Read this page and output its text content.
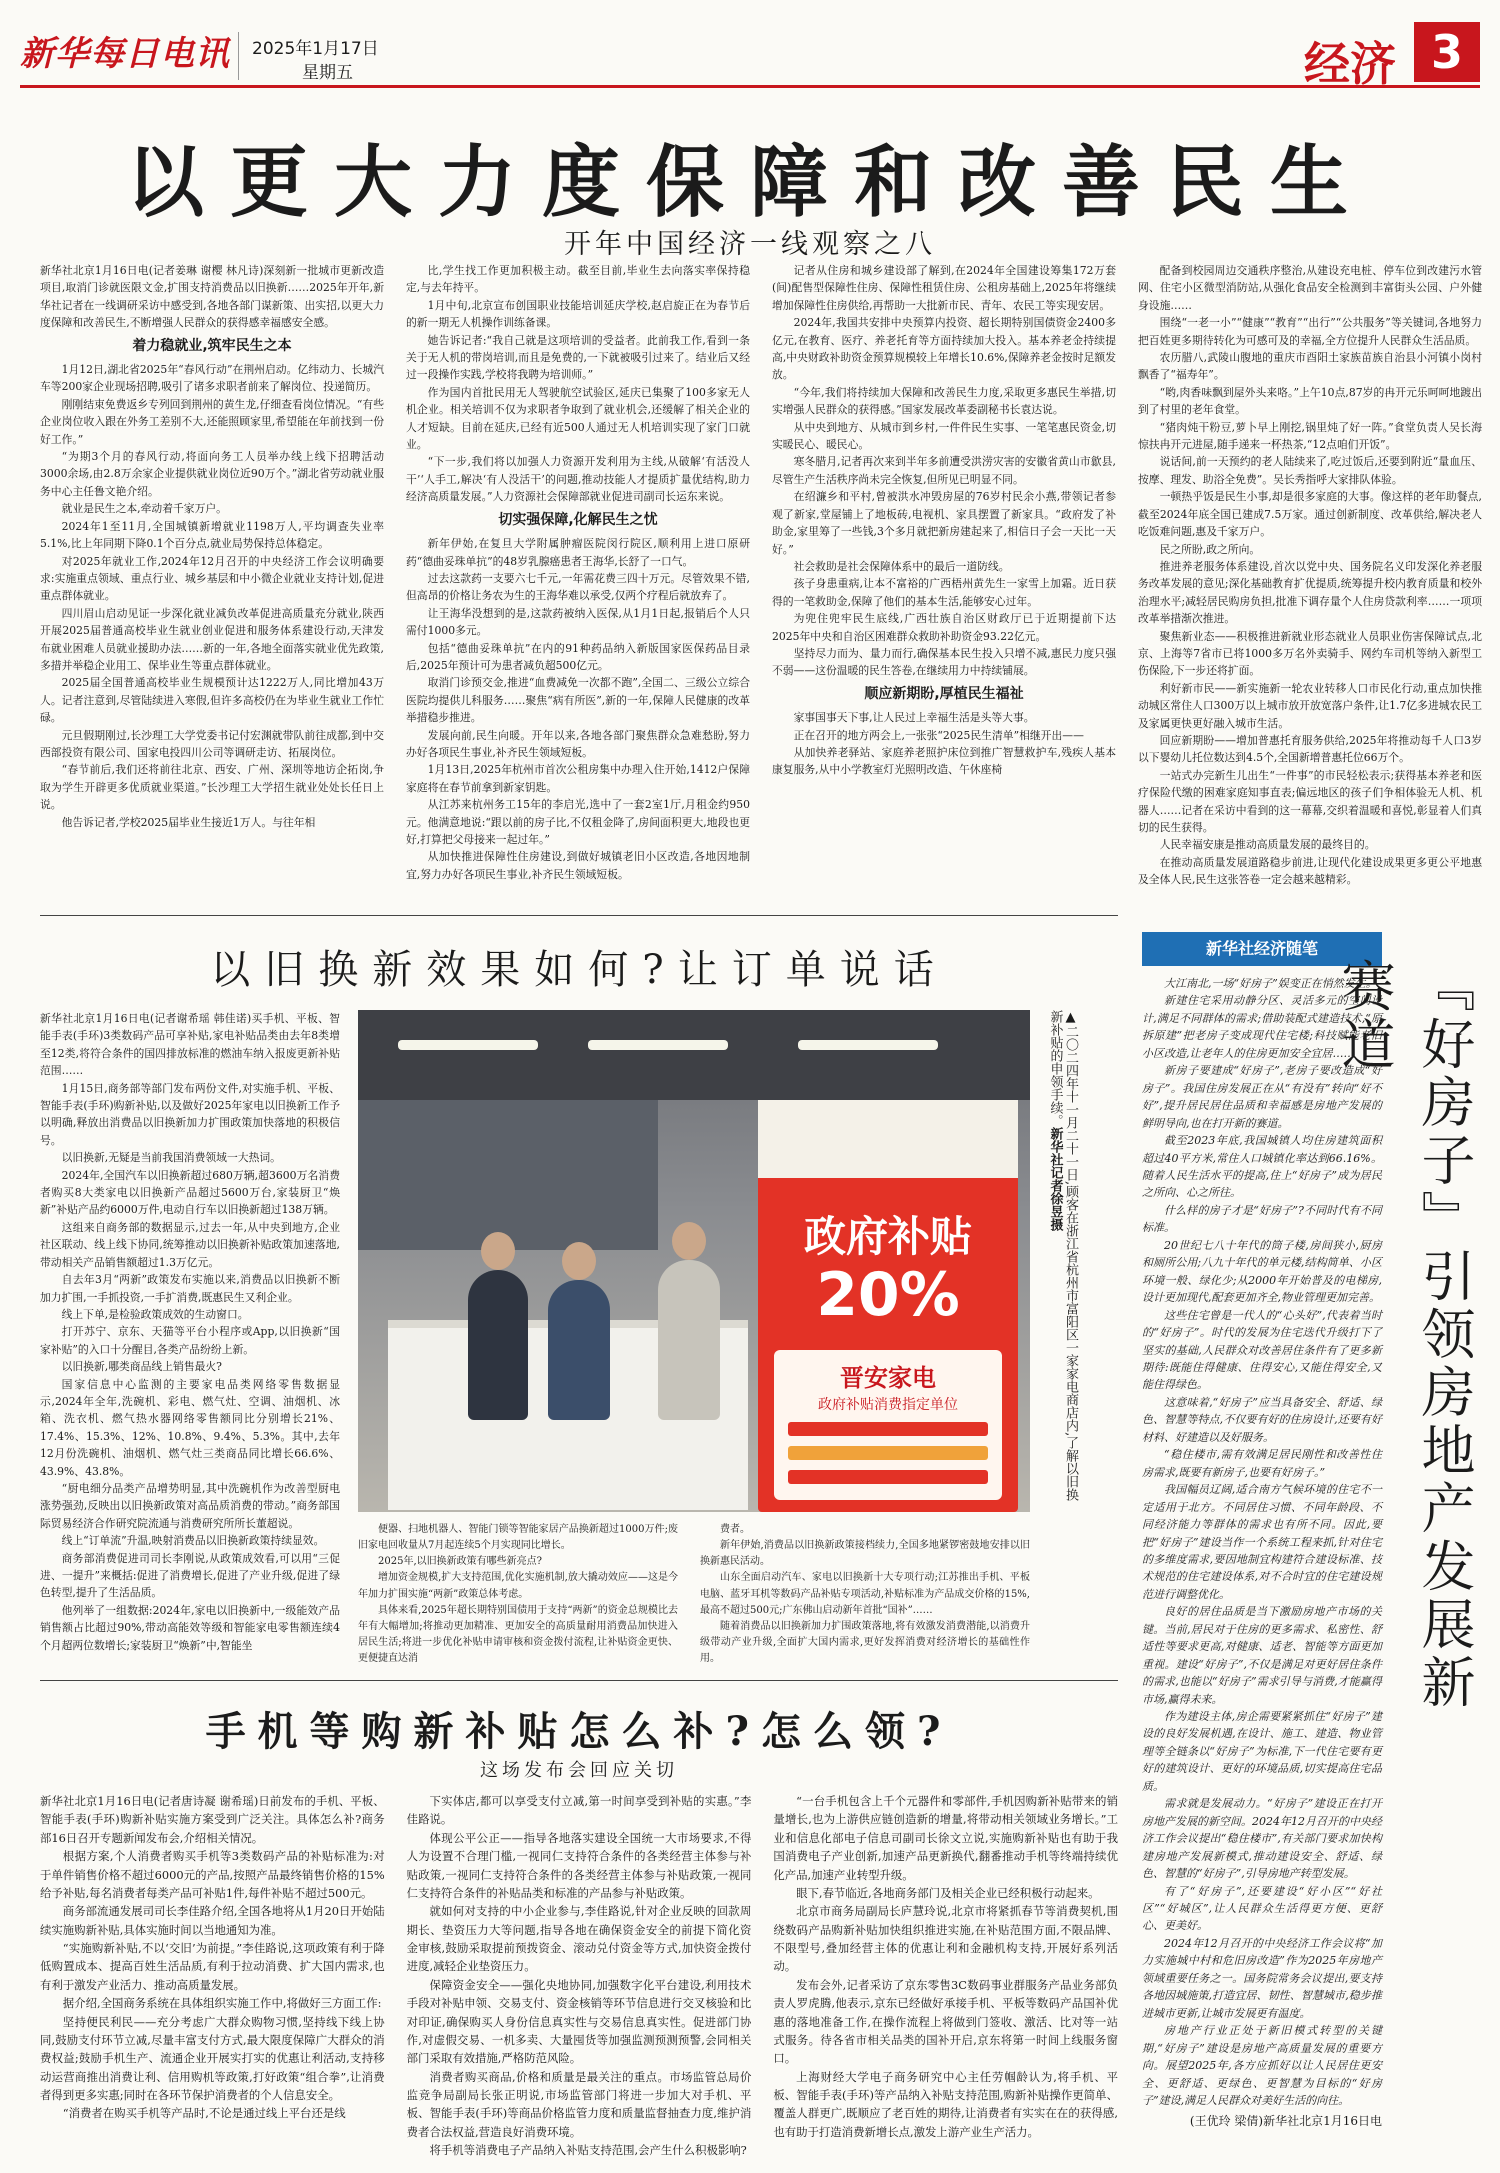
新华每日电讯 2025年1月17日
星期五	经济 3
以更大力度保障和改善民生
开年中国经济一线观察之八

新华社北京1月16日电(记者姜琳 谢樱 林凡诗)深刻新一批城市更新改造项目,取消门诊就医限文金,扩围支持消费品以旧换新……2025年开年,新华社记者在一线调研采访中感受到,各地各部门谋新策、出实招,以更大力度保障和改善民生,不断增强人民群众的获得感幸福感安全感。

着力稳就业,筑牢民生之本

1月12日,湖北省2025年“春风行动”在荆州启动。亿纬动力、长城汽车等200家企业现场招聘,吸引了诸多求职者前来了解岗位、投递简历。

刚刚结束免费返乡专列回到荆州的黄生龙,仔细查看岗位情况。“有些企业岗位收入跟在外务工差别不大,还能照顾家里,希望能在年前找到一份好工作。”

“为期3个月的春风行动,将面向务工人员举办线上线下招聘活动3000余场,由2.8万余家企业提供就业岗位近90万个。”湖北省劳动就业服务中心主任鲁文艳介绍。

就业是民生之本,牵动着千家万户。

2024年1至11月,全国城镇新增就业1198万人,平均调查失业率5.1%,比上年同期下降0.1个百分点,就业局势保持总体稳定。

对2025年就业工作,2024年12月召开的中央经济工作会议明确要求:实施重点领域、重点行业、城乡基层和中小微企业就业支持计划,促进重点群体就业。

四川眉山启动见证一步深化就业减负改革促进高质量充分就业,陕西开展2025届普通高校毕业生就业创业促进和服务体系建设行动,天津发布就业困难人员就业援助办法……新的一年,各地全面落实就业优先政策,多措并举稳企业用工、保毕业生等重点群体就业。

2025届全国普通高校毕业生规模预计达1222万人,同比增加43万人。记者注意到,尽管陆续进入寒假,但许多高校仍在为毕业生就业工作忙碌。

元旦假期刚过,长沙理工大学党委书记付宏渊就带队前往成都,到中交西部投资有限公司、国家电投四川公司等调研走访、拓展岗位。

“春节前后,我们还将前往北京、西安、广州、深圳等地访企拓岗,争取为学生开辟更多优质就业渠道。”长沙理工大学招生就业处处长任日上说。

他告诉记者,学校2025届毕业生接近1万人。与往年相

比,学生找工作更加积极主动。截至目前,毕业生去向落实率保持稳定,与去年持平。

1月中旬,北京宣布创国职业技能培训延庆学校,赵启旋正在为春节后的新一期无人机操作训练备课。

她告诉记者:“我自己就是这项培训的受益者。此前我工作,看到一条关于无人机的带岗培训,而且是免费的,一下就被吸引过来了。结业后又经过一段操作实践,学校将我聘为培训师。”

作为国内首批民用无人驾驶航空试验区,延庆已集聚了100多家无人机企业。相关培训不仅为求职者争取到了就业机会,还缓解了相关企业的人才短缺。目前在延庆,已经有近500人通过无人机培训实现了家门口就业。

“下一步,我们将以加强人力资源开发利用为主线,从破解‘有活没人干’‘人手工,解决‘有人没活干’的问题,推动技能人才提质扩量优结构,助力经济高质量发展。”人力资源社会保障部就业促进司副司长运东来说。

切实强保障,化解民生之忧

新年伊始,在复旦大学附属肿瘤医院闵行院区,顺利用上进口原研药“德曲妥珠单抗”的48岁乳腺癌患者王海华,长舒了一口气。

过去这款药一支要六七千元,一年需花费三四十万元。尽管效果不错,但高昂的价格让务农为生的王海华难以承受,仅两个疗程后就放弃了。

让王海华没想到的是,这款药被纳入医保,从1月1日起,报销后个人只需付1000多元。

包括“德曲妥珠单抗”在内的91种药品纳入新版国家医保药品目录后,2025年预计可为患者减负超500亿元。

取消门诊预交金,推进“血费减免一次都不跑”,全国二、三级公立综合医院均提供儿科服务……聚焦“病有所医”,新的一年,保障人民健康的改革举措稳步推进。

发展向前,民生向暖。开年以来,各地各部门聚焦群众急难愁盼,努力办好各项民生事业,补齐民生领域短板。

1月13日,2025年杭州市首次公租房集中办理入住开始,1412户保障家庭将在春节前拿到新家钥匙。

从江苏来杭州务工15年的李启光,选中了一套2室1厅,月租金约950元。他满意地说:“跟以前的房子比,不仅租金降了,房间面积更大,地段也更好,打算把父母接来一起过年。”

从加快推进保障性住房建设,到做好城镇老旧小区改造,各地因地制宜,努力办好各项民生事业,补齐民生领域短板。

记者从住房和城乡建设部了解到,在2024年全国建设筹集172万套(间)配售型保障性住房、保障性租赁住房、公租房基础上,2025年将继续增加保障性住房供给,再帮助一大批新市民、青年、农民工等实现安居。

2024年,我国共安排中央预算内投资、超长期特别国债资金2400多亿元,在教育、医疗、养老托育等方面持续加大投入。基本养老金持续提高,中央财政补助资金预算规模较上年增长10.6%,保障养老金按时足额发放。

“今年,我们将持续加大保障和改善民生力度,采取更多惠民生举措,切实增强人民群众的获得感。”国家发展改革委副秘书长袁达说。

从中央到地方、从城市到乡村,一件件民生实事、一笔笔惠民资金,切实暖民心、暖民心。

寒冬腊月,记者再次来到半年多前遭受洪涝灾害的安徽省黄山市歙县,尽管生产生活秩序尚未完全恢复,但所见已明显不同。

在绍濂乡和平村,曾被洪水冲毁房屋的76岁村民余小燕,带领记者参观了新家,堂屋铺上了地板砖,电视机、家具摆置了新家具。“政府发了补助金,家里筹了一些钱,3个多月就把新房建起来了,相信日子会一天比一天好。”

社会救助是社会保障体系中的最后一道防线。

孩子身患重病,让本不富裕的广西梧州黄先生一家雪上加霜。近日获得的一笔救助金,保障了他们的基本生活,能够安心过年。

为兜住兜牢民生底线,广西壮族自治区财政厅已于近期提前下达2025年中央和自治区困难群众救助补助资金93.22亿元。

坚持尽力而为、量力而行,确保基本民生投入只增不减,惠民力度只强不弱——这份温暖的民生答卷,在继续用力中持续铺展。

顺应新期盼,厚植民生福祉

家事国事天下事,让人民过上幸福生活是头等大事。

正在召开的地方两会上,一张张“2025民生清单”相继开出——

从加快养老驿站、家庭养老照护床位到推广智慧救护车,残疾人基本康复服务,从中小学教室灯光照明改造、午休座椅

配备到校园周边交通秩序整治,从建设充电桩、停车位到改建污水管网、住宅小区微型消防站,从强化食品安全检测到丰富街头公园、户外健身设施……

围绕“一老一小”“健康”“教育”“出行”“公共服务”等关键词,各地努力把百姓更多期待转化为可感可及的幸福,全方位提升人民群众生活品质。

农历腊八,武陵山腹地的重庆市酉阳土家族苗族自治县小河镇小岗村飘香了“福寿年”。

“哟,肉香味飘到屋外头来咯。”上午10点,87岁的冉开元乐呵呵地踱出到了村里的老年食堂。

“猪肉炖干粉豆,萝卜早上刚挖,锅里炖了好一阵。”食堂负责人吴长海惊扶冉开元进屋,随手递来一杯热茶,“12点咱们开饭”。

说话间,前一天预约的老人陆续来了,吃过饭后,还要到附近“量血压、按摩、理发、助浴全免费”。吴长秀指呼大家排队体验。

一顿热乎饭是民生小事,却是很多家庭的大事。像这样的老年助餐点,截至2024年底全国已建成7.5万家。通过创新制度、改革供给,解决老人吃饭难问题,惠及千家万户。

民之所盼,政之所向。

推进养老服务体系建设,首次以党中央、国务院名义印发深化养老服务改革发展的意见;深化基础教育扩优提质,统筹提升校内教育质量和校外治理水平;减轻居民购房负担,批准下调存量个人住房贷款利率……一项项改革举措渐次推进。

聚焦新业态——积极推进新就业形态就业人员职业伤害保障试点,北京、上海等7省市已将1000多万名外卖骑手、网约车司机等纳入新型工伤保险,下一步还将扩面。

利好新市民——新实施新一轮农业转移人口市民化行动,重点加快推动城区常住人口300万以上城市放开放宽落户条件,让1.7亿多进城农民工及家属更快更好融入城市生活。

回应新期盼——增加普惠托育服务供给,2025年将推动每千人口3岁以下婴幼儿托位数达到4.5个,全国新增普惠托位66万个。

一站式办完新生儿出生“一件事”的市民轻松表示;获得基本养老和医疗保险代缴的困难家庭知事直表;偏远地区的孩子们争相体验无人机、机器人……记者在采访中看到的这一幕幕,交织着温暖和喜悦,彰显着人们真切的民生获得。

人民幸福安康是推动高质量发展的最终目的。

在推动高质量发展道路稳步前进,让现代化建设成果更多更公平地惠及全体人民,民生这张答卷一定会越来越精彩。

以旧换新效果如何?让订单说话

新华社北京1月16日电(记者谢希瑶 韩佳诺)买手机、平板、智能手表(手环)3类数码产品可享补贴,家电补贴品类由去年8类增至12类,将符合条件的国四排放标准的燃油车纳入报废更新补贴范围……

1月15日,商务部等部门发布两份文件,对实施手机、平板、智能手表(手环)购新补贴,以及做好2025年家电以旧换新工作予以明确,释放出消费品以旧换新加力扩围政策加快落地的积极信号。

以旧换新,无疑是当前我国消费领域一大热词。

2024年,全国汽车以旧换新超过680万辆,超3600万名消费者购买8大类家电以旧换新产品超过5600万台,家装厨卫“焕新”补贴产品约6000万件,电动自行车以旧换新超过138万辆。

这组来自商务部的数据显示,过去一年,从中央到地方,企业社区联动、线上线下协同,统筹推动以旧换新补贴政策加速落地,带动相关产品销售额超过1.3万亿元。

自去年3月“两新”政策发布实施以来,消费品以旧换新不断加力扩围,一手抓投资,一手扩消费,既惠民生又利企业。

线上下单,是检验政策成效的生动窗口。

打开苏宁、京东、天猫等平台小程序或App,以旧换新“国家补贴”的入口十分醒目,各类产品纷纷上新。

以旧换新,哪类商品线上销售最火?

国家信息中心监测的主要家电品类网络零售数据显示,2024年全年,洗碗机、彩电、燃气灶、空调、油烟机、冰箱、洗衣机、燃气热水器网络零售额同比分别增长21%、17.4%、15.3%、12%、10.8%、9.4%、5.3%。其中,去年12月份洗碗机、油烟机、燃气灶三类商品同比增长66.6%、43.9%、43.8%。

“厨电细分品类产品增势明显,其中洗碗机作为改善型厨电涨势强劲,反映出以旧换新政策对高品质消费的带动。”商务部国际贸易经济合作研究院流通与消费研究所所长董超说。

线上“订单流”升温,映射消费品以旧换新政策持续显效。

商务部消费促进司司长李刚说,从政策成效看,可以用“三促进、一提升”来概括:促进了消费增长,促进了产业升级,促进了绿色转型,提升了生活品质。

他列举了一组数据:2024年,家电以旧换新中,一级能效产品销售额占比超过90%,带动高能效等级和智能家电零售额连续4个月超两位数增长;家装厨卫“焕新”中,智能坐

政府补贴
20%
晋安家电
政府补贴消费指定单位	▲二〇二四年十一月二十一日,顾客在浙江省杭州市富阳区一家家电商店内,了解以旧换新补贴的申领手续。新华社记者徐昱摄

便器、扫地机器人、智能门锁等智能家居产品换新超过1000万件;废旧家电回收量从7月起连续5个月实现同比增长。

2025年,以旧换新政策有哪些新亮点?

增加资金规模,扩大支持范围,优化实施机制,放大撬动效应——这是今年加力扩围实施“两新”政策总体考虑。

具体来看,2025年超长期特别国债用于支持“两新”的资金总规模比去年有大幅增加;将推动更加精准、更加安全的高质量耐用消费品加快进入居民生活;将进一步优化补贴申请审核和资金拨付流程,让补贴资金更快、更便捷直达消

费者。

新年伊始,消费品以旧换新政策接档续力,全国多地紧锣密鼓地安排以旧换新惠民活动。

山东全面启动汽车、家电以旧换新十大专项行动;江苏推出手机、平板电脑、蓝牙耳机等数码产品补贴专项活动,补贴标准为产品成交价格的15%,最高不超过500元;广东佛山启动新年首批“国补”……

随着消费品以旧换新加力扩围政策落地,将有效激发消费潜能,以消费升级带动产业升级,全面扩大国内需求,更好发挥消费对经济增长的基础性作用。

手机等购新补贴怎么补?怎么领?
这场发布会回应关切

新华社北京1月16日电(记者唐诗凝 谢希瑶)日前发布的手机、平板、智能手表(手环)购新补贴实施方案受到广泛关注。具体怎么补?商务部16日召开专题新闻发布会,介绍相关情况。

根据方案,个人消费者购买手机等3类数码产品的补贴标准为:对于单件销售价格不超过6000元的产品,按照产品最终销售价格的15%给予补贴,每名消费者每类产品可补贴1件,每件补贴不超过500元。

商务部流通发展司司长李佳路介绍,全国各地将从1月20日开始陆续实施购新补贴,具体实施时间以当地通知为准。

“实施购新补贴,不以‘交旧’为前提。”李佳路说,这项政策有利于降低购置成本、提高百姓生活品质,有利于拉动消费、扩大国内需求,也有利于激发产业活力、推动高质量发展。

据介绍,全国商务系统在具体组织实施工作中,将做好三方面工作:

坚持便民利民——充分考虑广大群众购物习惯,坚持线下线上协同,鼓励支付环节立减,尽量丰富支付方式,最大限度保障广大群众的消费权益;鼓励手机生产、流通企业开展实打实的优惠让利活动,支持移动运营商推出消费让利、信用购机等政策,打好政策“组合拳”,让消费者得到更多实惠;同时在各环节保护消费者的个人信息安全。

“消费者在购买手机等产品时,不论是通过线上平台还是线

下实体店,都可以享受支付立减,第一时间享受到补贴的实惠。”李佳路说。

体现公平公正——指导各地落实建设全国统一大市场要求,不得人为设置不合理门槛,一视同仁支持符合条件的各类经营主体参与补贴政策,一视同仁支持符合条件的各类经营主体参与补贴政策,一视同仁支持符合条件的补贴品类和标准的产品参与补贴政策。

就如何对支持的中小企业参与,李佳路说,针对企业反映的回款周期长、垫资压力大等问题,指导各地在确保资金安全的前提下简化资金审核,鼓励采取提前预拨资金、滚动兑付资金等方式,加快资金拨付进度,减轻企业垫资压力。

保障资金安全——强化央地协同,加强数字化平台建设,利用技术手段对补贴申领、交易支付、资金核销等环节信息进行交叉核验和比对印证,确保购买人身份信息真实性与交易信息真实性。促进部门协作,对虚假交易、一机多卖、大量囤货等加强监测预测预警,会同相关部门采取有效措施,严格防范风险。

消费者购买商品,价格和质量是最关注的重点。市场监管总局价监竞争局副局长张正明说,市场监管部门将进一步加大对手机、平板、智能手表(手环)等商品价格监管力度和质量监督抽查力度,维护消费者合法权益,营造良好消费环境。

将手机等消费电子产品纳入补贴支持范围,会产生什么积极影响?

“一台手机包含上千个元器件和零部件,手机因购新补贴带来的销量增长,也为上游供应链创造新的增量,将带动相关领域业务增长。”工业和信息化部电子信息司副司长徐文立说,实施购新补贴也有助于我国消费电子产业创新,加速产品更新换代,翻番推动手机等终端持续优化产品,加速产业转型升级。

眼下,春节临近,各地商务部门及相关企业已经积极行动起来。

北京市商务局副局长庐慧玲说,北京市将紧抓春节等消费契机,围绕数码产品购新补贴加快组织推进实施,在补贴范围方面,不限品牌、不限型号,叠加经营主体的优惠让利和金融机构支持,开展好系列活动。

发布会外,记者采访了京东零售3C数码事业群服务产品业务部负责人罗虎腾,他表示,京东已经做好承接手机、平板等数码产品国补优惠的落地准备工作,在操作流程上将做到门签收、激活、比对等一站式服务。待各省市相关品类的国补开启,京东将第一时间上线服务窗口。

上海财经大学电子商务研究中心主任劳帼龄认为,将手机、平板、智能手表(手环)等产品纳入补贴支持范围,购新补贴操作更简单、覆盖人群更广,既顺应了老百姓的期待,让消费者有实实在在的获得感,也有助于打造消费新增长点,激发上游产业生产活力。

新华社经济随笔

大江南北,一场“好房子”娱变正在悄然发生。

新建住宅采用动静分区、灵活多元的空间设计,满足不同群体的需求;借助装配式建造技术,“原拆原建”把老房子变成现代住宅楼;科技赋能老旧小区改造,让老年人的住房更加安全宜居……

新房子要建成“好房子”,老房子要改造成“好房子”。我国住房发展正在从“有没有”转向“好不好”,提升居民居住品质和幸福感是房地产发展的鲜明导向,也在打开新的赛道。

截至2023年底,我国城镇人均住房建筑面积超过40平方米,常住人口城镇化率达到66.16%。随着人民生活水平的提高,住上“好房子”成为居民之所向、心之所往。

什么样的房子才是“好房子”?不同时代有不同标准。

20世纪七八十年代的筒子楼,房间狭小,厨房和厕所公用;八九十年代的单元楼,结构简单、小区环境一般、绿化少;从2000年开始普及的电梯房,设计更加现代,配套更加齐全,物业管理更加完善。

这些住宅曾是一代人的“心头好”,代表着当时的“好房子”。时代的发展为住宅迭代升级打下了坚实的基础,人民群众对改善居住条件有了更多新期待:既能住得健康、住得安心,又能住得安全,又能住得绿色。

这意味着,“好房子”应当具备安全、舒适、绿色、智慧等特点,不仅要有好的住房设计,还要有好材料、好建造以及好服务。

“稳住楼市,需有效满足居民刚性和改善性住房需求,既要有新房子,也要有好房子。”

我国幅员辽阔,适合南方气候环境的住宅不一定适用于北方。不同居住习惯、不同年龄段、不同经济能力等群体的需求也有所不同。因此,要把“好房子”建设当作一个系统工程来抓,针对住宅的多维度需求,要因地制宜构建符合建设标准、技术规范的住宅建设体系,对不合时宜的住宅建设规范进行调整优化。

良好的居住品质是当下激励房地产市场的关键。当前,居民对于住房的更多需求、私密性、舒适性等要求更高,对健康、适老、智能等方面更加重视。建设“好房子”,不仅是满足对更好居住条件的需求,也能以“好房子”需求引导与消费,才能赢得市场,赢得未来。

作为建设主体,房企需要紧紧抓住“好房子”建设的良好发展机遇,在设计、施工、建造、物业管理等全链条以“好房子”为标准,下一代住宅要有更好的建筑设计、更好的环境品质,切实提高住宅品质。

需求就是发展动力。“好房子”建设正在打开房地产发展的新空间。2024年12月召开的中央经济工作会议提出“稳住楼市”,有关部门要求加快构建房地产发展新模式,推动建设安全、舒适、绿色、智慧的“好房子”,引导房地产转型发展。

有了“好房子”,还要建设“好小区”“好社区”“好城区”,让人民群众生活得更方便、更舒心、更美好。

2024年12月召开的中央经济工作会议将“加力实施城中村和危旧房改造”作为2025年房地产领域重要任务之一。国务院常务会议提出,要支持各地因城施策,打造宜居、韧性、智慧城市,稳步推进城市更新,让城市发展更有温度。

房地产行业正处于新旧模式转型的关键期,“好房子”建设是房地产高质量发展的重要方向。展望2025年,各方应抓好以让人民居住更安全、更舒适、更绿色、更智慧为目标的“好房子”建设,满足人民群众对美好生活的向往。

(王优玲 梁倩)新华社北京1月16日电
『好房子』引领房地产发展新赛道
